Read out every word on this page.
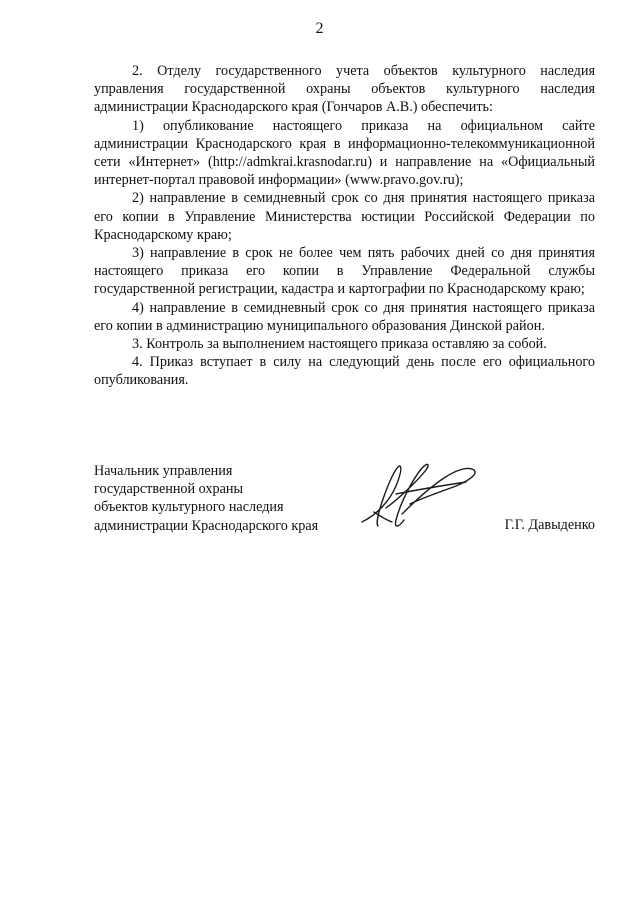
2

2. Отделу государственного учета объектов культурного наследия управления государственной охраны объектов культурного наследия администрации Краснодарского края (Гончаров А.В.) обеспечить:

1) опубликование настоящего приказа на официальном сайте администрации Краснодарского края в информационно-телекоммуникационной сети «Интернет» (http://admkrai.krasnodar.ru) и направление на «Официальный интернет-портал правовой информации» (www.pravo.gov.ru);

2) направление в семидневный срок со дня принятия настоящего приказа его копии в Управление Министерства юстиции Российской Федерации по Краснодарскому краю;

3) направление в срок не более чем пять рабочих дней со дня принятия настоящего приказа его копии в Управление Федеральной службы государственной регистрации, кадастра и картографии по Краснодарскому краю;

4) направление в семидневный срок со дня принятия настоящего приказа его копии в администрацию муниципального образования Динской район.

3. Контроль за выполнением настоящего приказа оставляю за собой.

4. Приказ вступает в силу на следующий день после его официального опубликования.

Начальник управления
государственной охраны
объектов культурного наследия
администрации Краснодарского края	Г.Г. Давыденко
